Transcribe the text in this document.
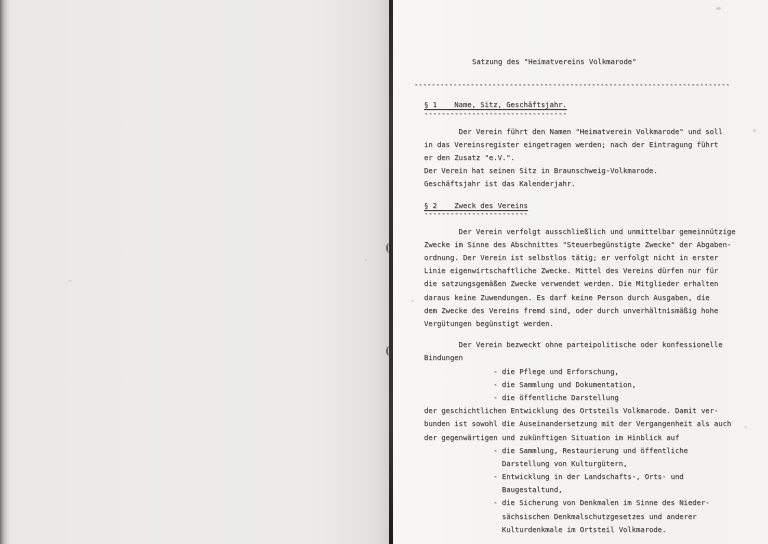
Satzung des "Heimatvereins Volkmarode"
-------------------------------------------------------------------------
§ 1    Name, Sitz, Geschäftsjahr.
---------------------------------
Der Verein führt den Namen "Heimatverein Volkmarode" und soll
in das Vereinsregister eingetragen werden; nach der Eintragung führt
er den Zusatz "e.V.".
Der Verein hat seinen Sitz in Braunschweig-Volkmarode.
Geschäftsjahr ist das Kalenderjahr.
§ 2    Zweck des Vereins
------------------------
Der Verein verfolgt ausschließlich und unmittelbar gemeinnützige
Zwecke im Sinne des Abschnittes "Steuerbegünstigte Zwecke" der Abgaben-
ordnung. Der Verein ist selbstlos tätig; er verfolgt nicht in erster
Linie eigenwirtschaftliche Zwecke. Mittel des Vereins dürfen nur für
die satzungsgemäßen Zwecke verwendet werden. Die Mitglieder erhalten
daraus keine Zuwendungen. Es darf keine Person durch Ausgaben, die
dem Zwecke des Vereins fremd sind, oder durch unverhältnismäßig hohe
Vergütungen begünstigt werden.
Der Verein bezweckt ohne parteipolitische oder konfessionelle
Bindungen
- die Pflege und Erforschung,
- die Sammlung und Dokumentation,
- die öffentliche Darstellung
der geschichtlichen Entwicklung des Ortsteils Volkmarode. Damit ver-
bunden ist sowohl die Auseinandersetzung mit der Vergangenheit als auch
der gegenwärtigen und zukünftigen Situation im Hinblick auf
- die Sammlung, Restaurierung und öffentliche
Darstellung von Kulturgütern,
- Entwicklung in der Landschafts-, Orts- und
Baugestaltund,
- die Sicherung von Denkmalen im Sinne des Nieder-
sächsischen Denkmalschutzgesetzes und anderer
Kulturdenkmale im Ortsteil Volkmarode.
